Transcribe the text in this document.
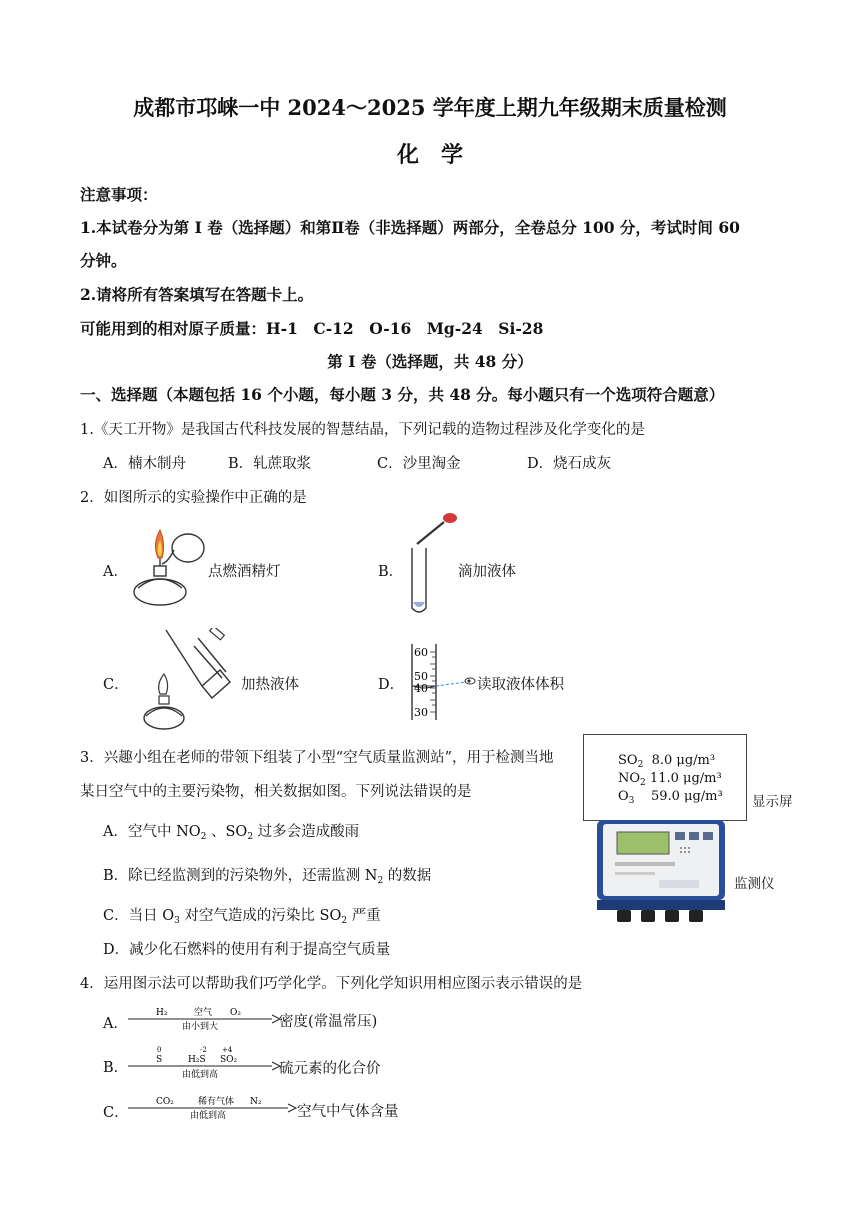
成都市邛崃一中 2024～2025 学年度上期九年级期末质量检测
化　学
注意事项：
1.本试卷分为第 I 卷（选择题）和第Ⅱ卷（非选择题）两部分，全卷总分 100 分，考试时间 60
分钟。
2.请将所有答案填写在答题卡上。
可能用到的相对原子质量：H-1　C-12　O-16　Mg-24　Si-28
第 I 卷（选择题，共 48 分）
一、选择题（本题包括 16 个小题，每小题 3 分，共 48 分。每小题只有一个选项符合题意）
1.《天工开物》是我国古代科技发展的智慧结晶，下列记载的造物过程涉及化学变化的是
A．楠木制舟	B．轧蔗取浆	C．沙里淘金	D．烧石成灰
2．如图所示的实验操作中正确的是
A．	点燃酒精灯	B．	滴加液体
C．	加热液体	D．
60
50
40
30
读取液体体积
3．兴趣小组在老师的带领下组装了小型“空气质量监测站”，用于检测当地
某日空气中的主要污染物，相关数据如图。下列说法错误的是
A．空气中 $NO_2$ 、$SO_2$ 过多会造成酸雨
B．除已经监测到的污染物外，还需监测 $N_2$ 的数据
C．当日 $O_3$ 对空气造成的污染比 $SO_2$ 严重
D．减少化石燃料的使用有利于提高空气质量
$SO_2$ 8.0 μg/m³
$NO_2$ 11.0 μg/m³
$O_3$ 59.0 μg/m³ 显示屏
监测仪
4．运用图示法可以帮助我们巧学化学。下列化学知识用相应图示表示错误的是
A．
H₂	空气 O₂
由小到大	密度(常温常压)
B．
0	-2 +4
S	H₂S SO₂
由低到高	硫元素的化合价
C．
CO₂	稀有气体 N₂
由低到高	空气中气体含量
